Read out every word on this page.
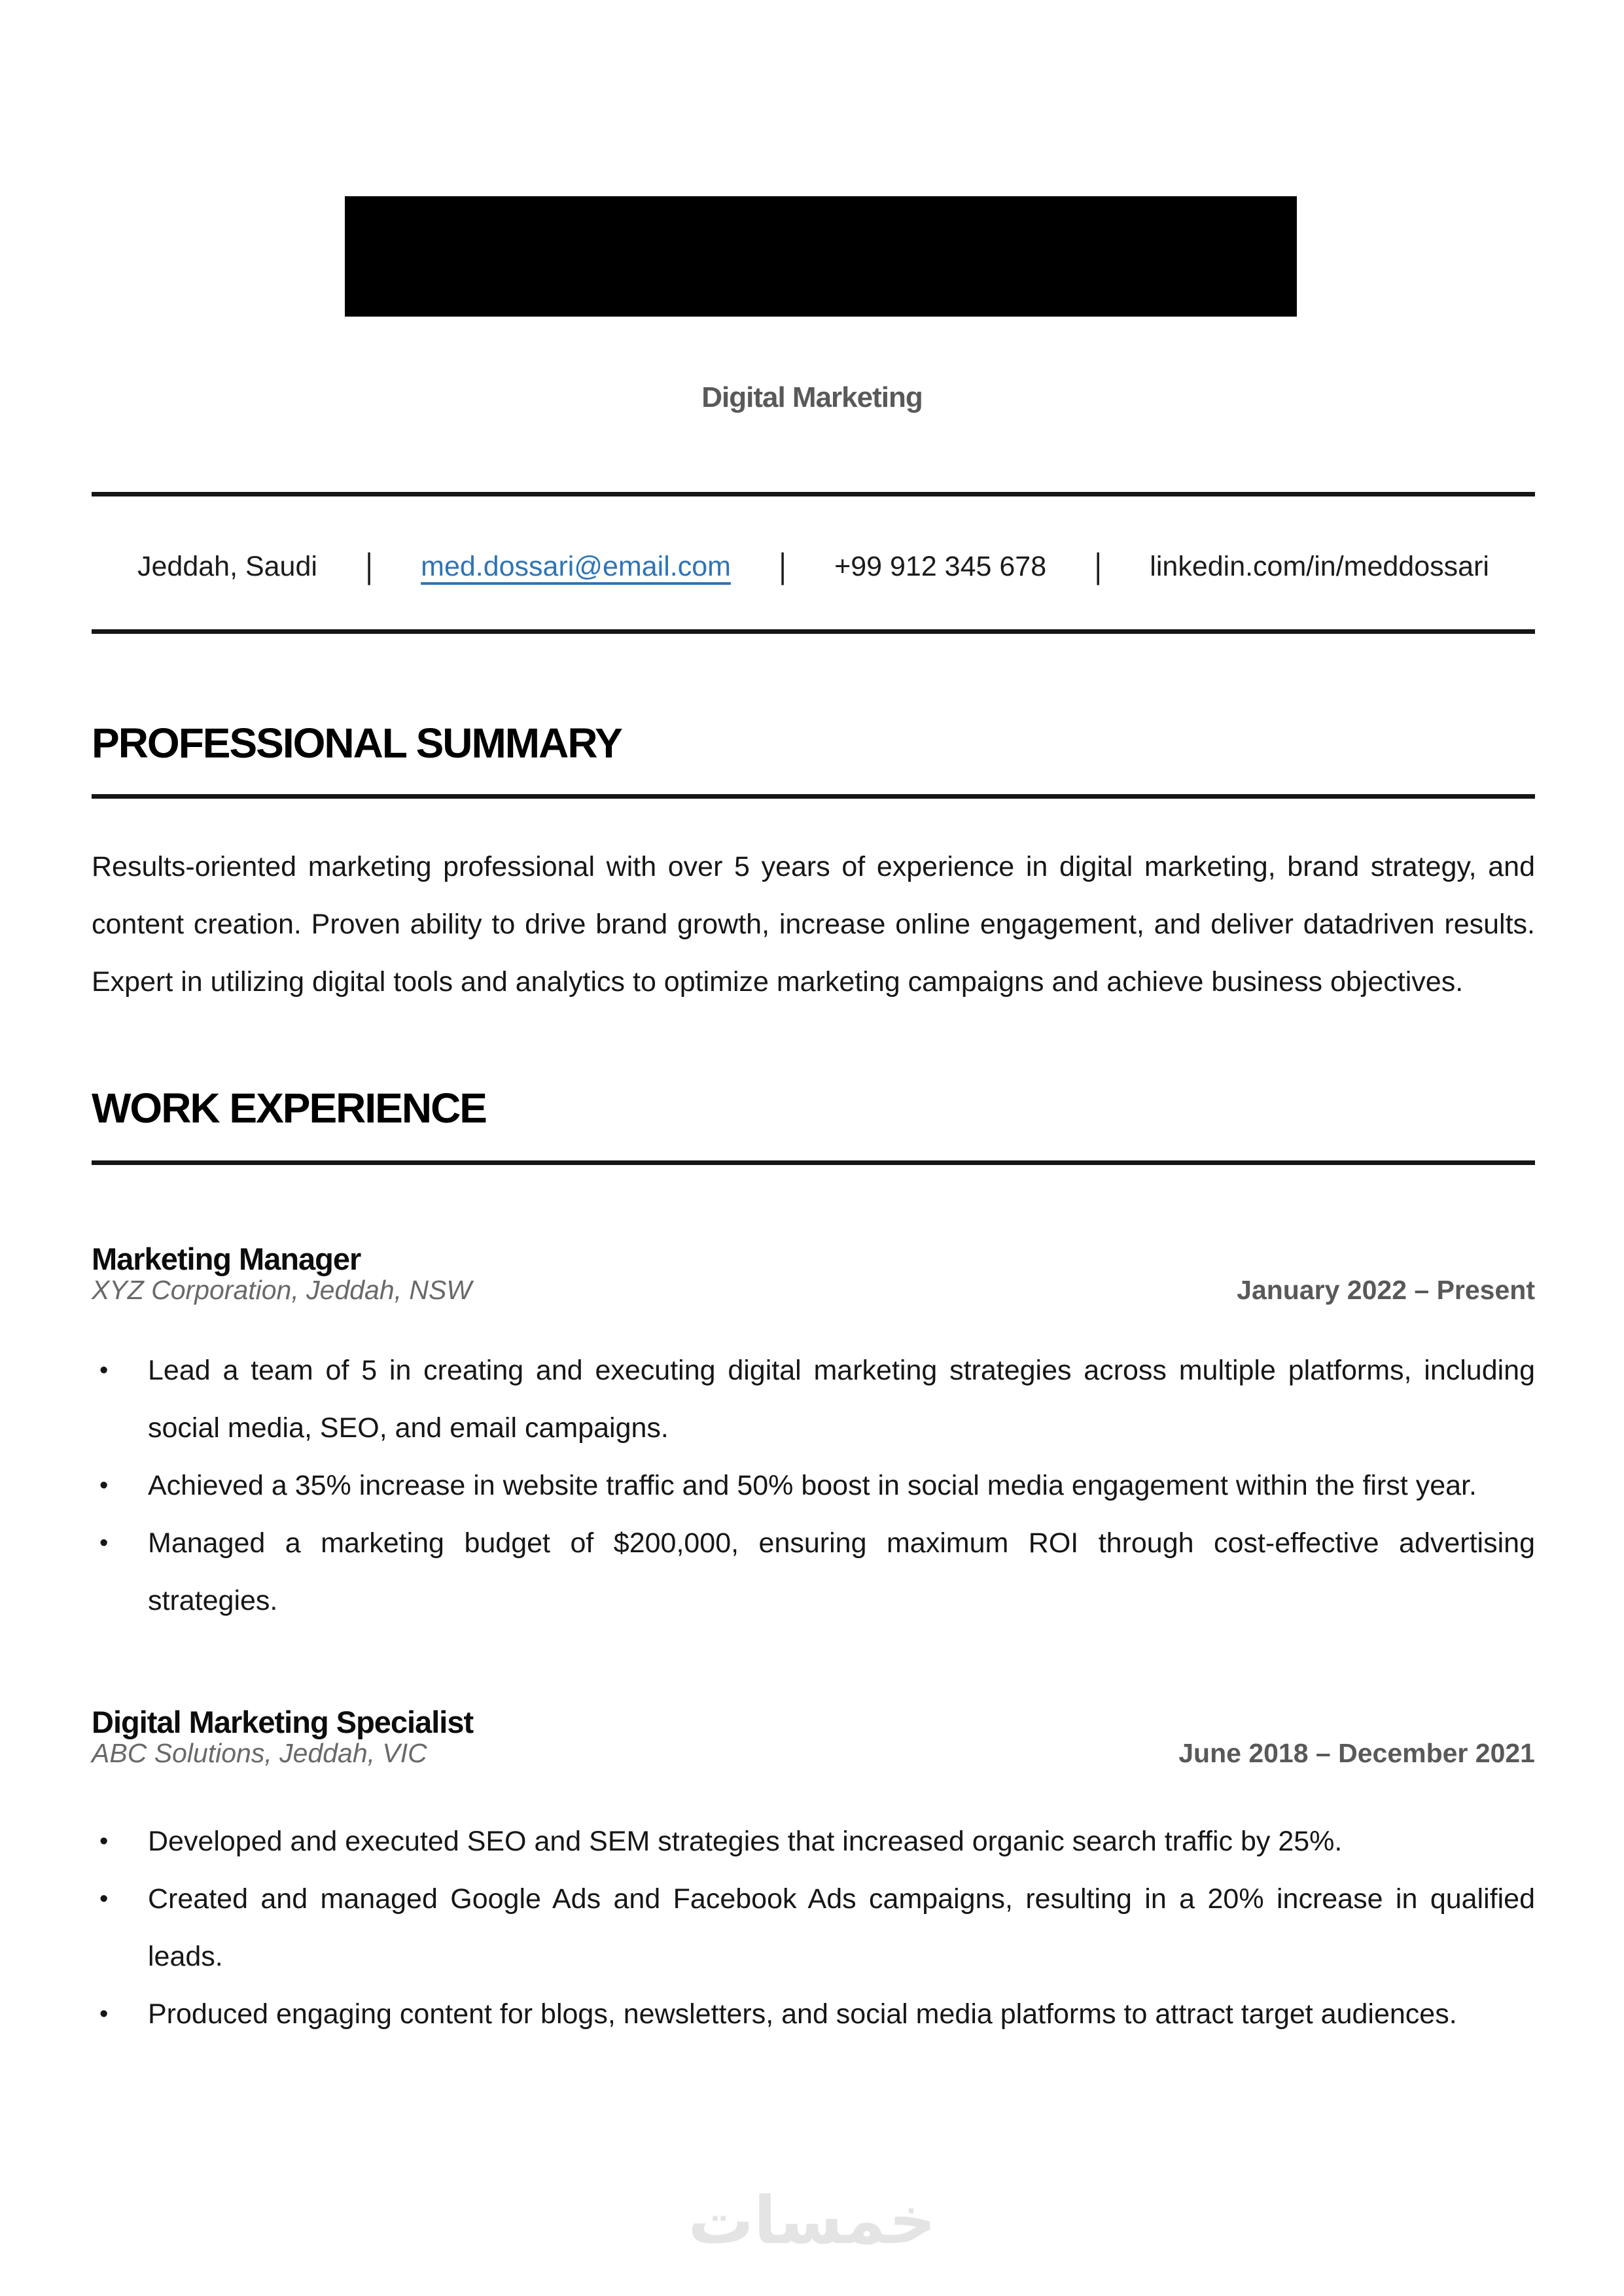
Digital Marketing
Jeddah, Saudi | med.dossari@email.com | +99 912 345 678 | linkedin.com/in/meddossari
PROFESSIONAL SUMMARY

Results-oriented marketing professional with over 5 years of experience in digital marketing, brand strategy, and content creation. Proven ability to drive brand growth, increase online engagement, and deliver datadriven results. Expert in utilizing digital tools and analytics to optimize marketing campaigns and achieve business objectives.

WORK EXPERIENCE
Marketing Manager
XYZ Corporation, Jeddah, NSW	January 2022 – Present
• Lead a team of 5 in creating and executing digital marketing strategies across multiple platforms, including social media, SEO, and email campaigns.
• Achieved a 35% increase in website traffic and 50% boost in social media engagement within the first year.
• Managed a marketing budget of $200,000, ensuring maximum ROI through cost-effective advertising strategies.
Digital Marketing Specialist
ABC Solutions, Jeddah, VIC	June 2018 – December 2021
• Developed and executed SEO and SEM strategies that increased organic search traffic by 25%.
• Created and managed Google Ads and Facebook Ads campaigns, resulting in a 20% increase in qualified leads.
• Produced engaging content for blogs, newsletters, and social media platforms to attract target audiences.
خمسات
